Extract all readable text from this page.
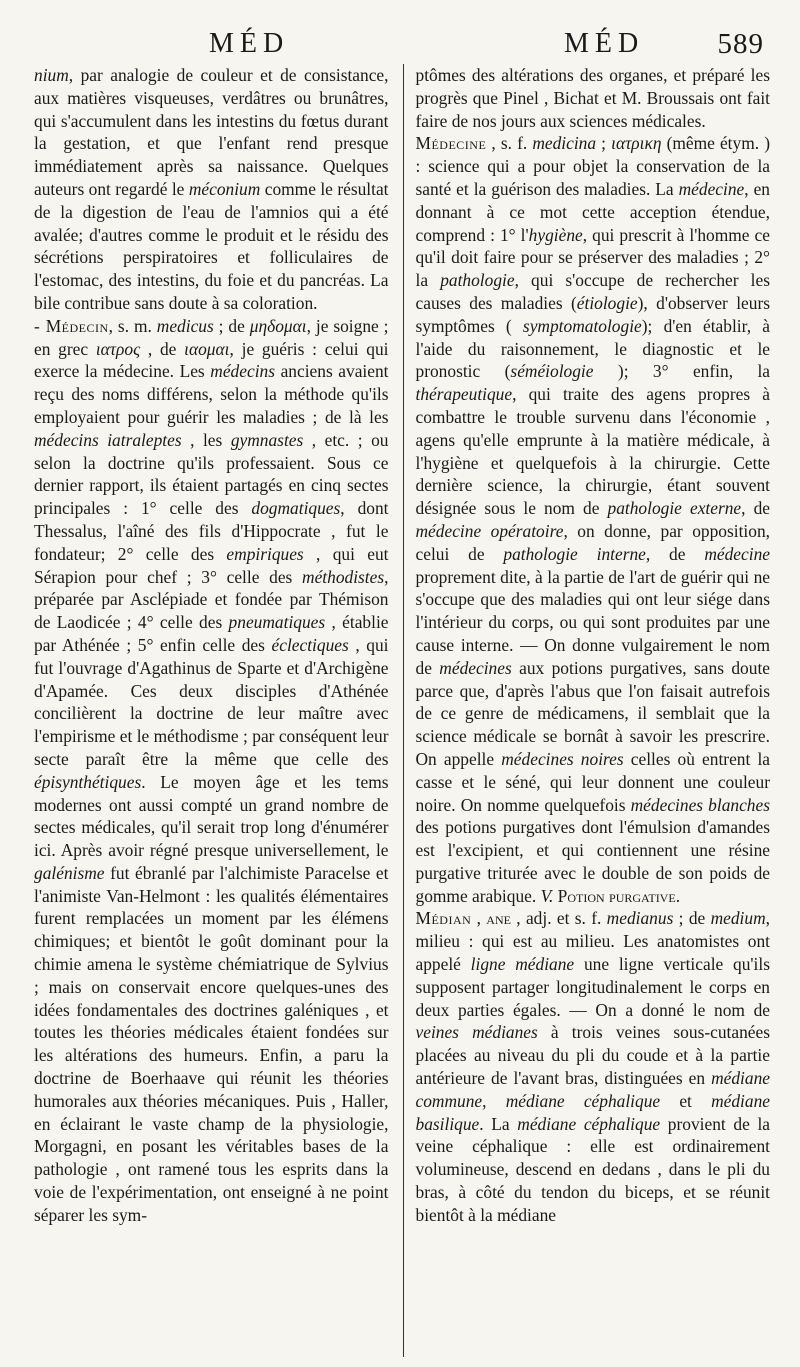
MÉD	MÉD	589

nium, par analogie de couleur et de consistance, aux matières visqueuses, verdâtres ou brunâtres, qui s'accumulent dans les intestins du fœtus durant la gestation, et que l'enfant rend presque immédiatement après sa naissance. Quelques auteurs ont regardé le méconium comme le résultat de la digestion de l'eau de l'amnios qui a été avalée; d'autres comme le produit et le résidu des sécrétions perspiratoires et folliculaires de l'estomac, des intestins, du foie et du pancréas. La bile contribue sans doute à sa coloration.

- Médecin, s. m. medicus ; de μηδομαι, je soigne ; en grec ιατρος , de ιαομαι, je guéris : celui qui exerce la médecine. Les médecins anciens avaient reçu des noms différens, selon la méthode qu'ils employaient pour guérir les maladies ; de là les médecins iatraleptes , les gymnastes , etc. ; ou selon la doctrine qu'ils professaient. Sous ce dernier rapport, ils étaient partagés en cinq sectes principales : 1° celle des dogmatiques, dont Thessalus, l'aîné des fils d'Hippocrate , fut le fondateur; 2° celle des empiriques , qui eut Sérapion pour chef ; 3° celle des méthodistes, préparée par Asclépiade et fondée par Thémison de Laodicée ; 4° celle des pneumatiques , établie par Athénée ; 5° enfin celle des éclectiques , qui fut l'ouvrage d'Agathinus de Sparte et d'Archigène d'Apamée. Ces deux disciples d'Athénée concilièrent la doctrine de leur maître avec l'empirisme et le méthodisme ; par conséquent leur secte paraît être la même que celle des épisynthétiques. Le moyen âge et les tems modernes ont aussi compté un grand nombre de sectes médicales, qu'il serait trop long d'énumérer ici. Après avoir régné presque universellement, le galénisme fut ébranlé par l'alchimiste Paracelse et l'animiste Van-Helmont : les qualités élémentaires furent remplacées un moment par les élémens chimiques; et bientôt le goût dominant pour la chimie amena le système chémiatrique de Sylvius ; mais on conservait encore quelques-unes des idées fondamentales des doctrines galéniques , et toutes les théories médicales étaient fondées sur les altérations des humeurs. Enfin, a paru la doctrine de Boerhaave qui réunit les théories humorales aux théories mécaniques. Puis , Haller, en éclairant le vaste champ de la physiologie, Morgagni, en posant les véritables bases de la pathologie , ont ramené tous les esprits dans la voie de l'expérimentation, ont enseigné à ne point séparer les sym-

ptômes des altérations des organes, et préparé les progrès que Pinel , Bichat et M. Broussais ont fait faire de nos jours aux sciences médicales.

Médecine , s. f. medicina ; ιατρικη (même étym. ) : science qui a pour objet la conservation de la santé et la guérison des maladies. La médecine, en donnant à ce mot cette acception étendue, comprend : 1° l'hygiène, qui prescrit à l'homme ce qu'il doit faire pour se préserver des maladies ; 2° la pathologie, qui s'occupe de rechercher les causes des maladies (étiologie), d'observer leurs symptômes ( symptomatologie); d'en établir, à l'aide du raisonnement, le diagnostic et le pronostic (séméiologie ); 3° enfin, la thérapeutique, qui traite des agens propres à combattre le trouble survenu dans l'économie , agens qu'elle emprunte à la matière médicale, à l'hygiène et quelquefois à la chirurgie. Cette dernière science, la chirurgie, étant souvent désignée sous le nom de pathologie externe, de médecine opératoire, on donne, par opposition, celui de pathologie interne, de médecine proprement dite, à la partie de l'art de guérir qui ne s'occupe que des maladies qui ont leur siége dans l'intérieur du corps, ou qui sont produites par une cause interne. — On donne vulgairement le nom de médecines aux potions purgatives, sans doute parce que, d'après l'abus que l'on faisait autrefois de ce genre de médicamens, il semblait que la science médicale se bornât à savoir les prescrire. On appelle médecines noires celles où entrent la casse et le séné, qui leur donnent une couleur noire. On nomme quelquefois médecines blanches des potions purgatives dont l'émulsion d'amandes est l'excipient, et qui contiennent une résine purgative triturée avec le double de son poids de gomme arabique. V. Potion purgative.

Médian , ane , adj. et s. f. medianus ; de medium, milieu : qui est au milieu. Les anatomistes ont appelé ligne médiane une ligne verticale qu'ils supposent partager longitudinalement le corps en deux parties égales. — On a donné le nom de veines médianes à trois veines sous-cutanées placées au niveau du pli du coude et à la partie antérieure de l'avant bras, distinguées en médiane commune, médiane céphalique et médiane basilique. La médiane céphalique provient de la veine céphalique : elle est ordinairement volumineuse, descend en dedans , dans le pli du bras, à côté du tendon du biceps, et se réunit bientôt à la médiane
